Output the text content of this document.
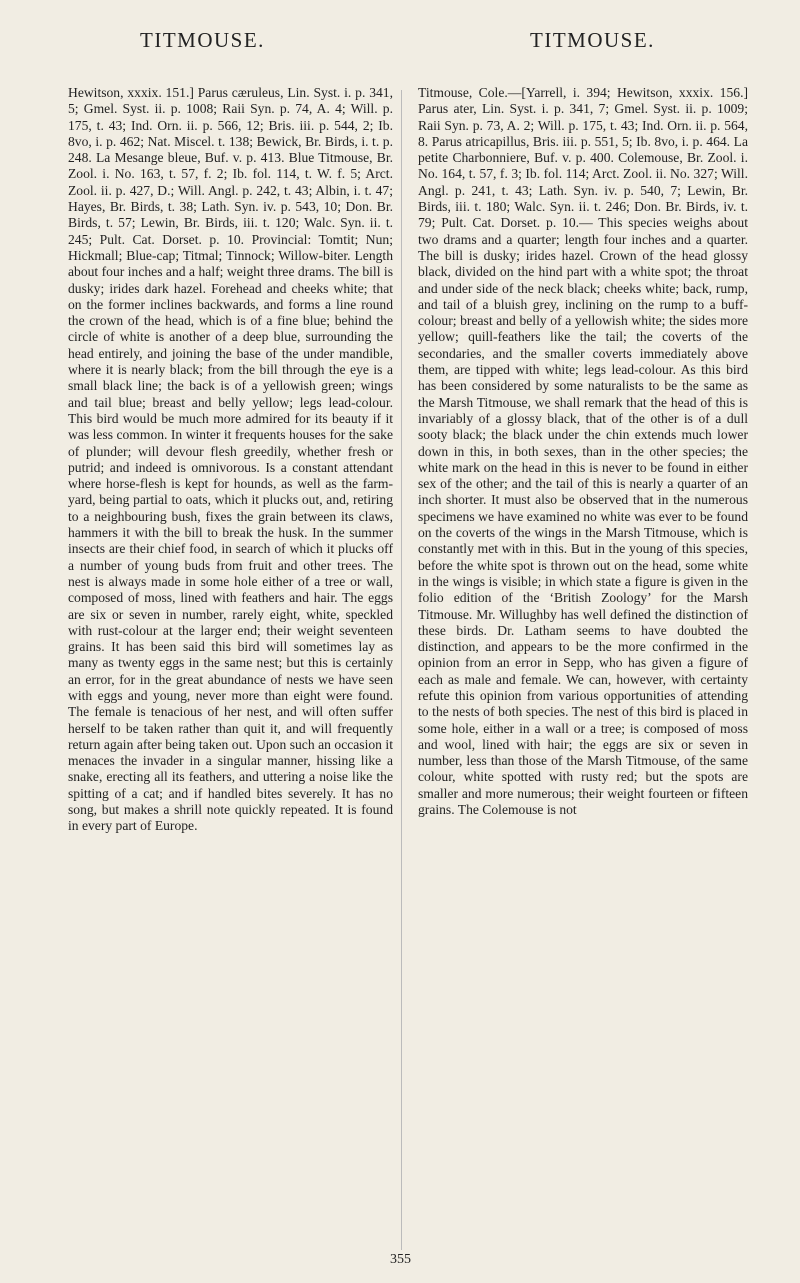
TITMOUSE.	TITMOUSE.

Hewitson, xxxix. 151.] Parus cæruleus, Lin. Syst. i. p. 341, 5; Gmel. Syst. ii. p. 1008; Raii Syn. p. 74, A. 4; Will. p. 175, t. 43; Ind. Orn. ii. p. 566, 12; Bris. iii. p. 544, 2; Ib. 8vo, i. p. 462; Nat. Miscel. t. 138; Bewick, Br. Birds, i. t. p. 248. La Mesange bleue, Buf. v. p. 413. Blue Titmouse, Br. Zool. i. No. 163, t. 57, f. 2; Ib. fol. 114, t. W. f. 5; Arct. Zool. ii. p. 427, D.; Will. Angl. p. 242, t. 43; Albin, i. t. 47; Hayes, Br. Birds, t. 38; Lath. Syn. iv. p. 543, 10; Don. Br. Birds, t. 57; Lewin, Br. Birds, iii. t. 120; Walc. Syn. ii. t. 245; Pult. Cat. Dorset. p. 10. Provincial: Tomtit; Nun; Hickmall; Blue-cap; Titmal; Tinnock; Willow-biter. Length about four inches and a half; weight three drams. The bill is dusky; irides dark hazel. Forehead and cheeks white; that on the former inclines backwards, and forms a line round the crown of the head, which is of a fine blue; behind the circle of white is another of a deep blue, surrounding the head entirely, and joining the base of the under mandible, where it is nearly black; from the bill through the eye is a small black line; the back is of a yellowish green; wings and tail blue; breast and belly yellow; legs lead-colour. This bird would be much more admired for its beauty if it was less common. In winter it frequents houses for the sake of plunder; will devour flesh greedily, whether fresh or putrid; and indeed is omnivorous. Is a constant attendant where horse-flesh is kept for hounds, as well as the farm-yard, being partial to oats, which it plucks out, and, retiring to a neighbouring bush, fixes the grain between its claws, hammers it with the bill to break the husk. In the summer insects are their chief food, in search of which it plucks off a number of young buds from fruit and other trees. The nest is always made in some hole either of a tree or wall, composed of moss, lined with feathers and hair. The eggs are six or seven in number, rarely eight, white, speckled with rust-colour at the larger end; their weight seventeen grains. It has been said this bird will sometimes lay as many as twenty eggs in the same nest; but this is certainly an error, for in the great abundance of nests we have seen with eggs and young, never more than eight were found. The female is tenacious of her nest, and will often suffer herself to be taken rather than quit it, and will frequently return again after being taken out. Upon such an occasion it menaces the invader in a singular manner, hissing like a snake, erecting all its feathers, and uttering a noise like the spitting of a cat; and if handled bites severely. It has no song, but makes a shrill note quickly repeated. It is found in every part of Europe.

Titmouse, Cole.—[Yarrell, i. 394; Hewitson, xxxix. 156.] Parus ater, Lin. Syst. i. p. 341, 7; Gmel. Syst. ii. p. 1009; Raii Syn. p. 73, A. 2; Will. p. 175, t. 43; Ind. Orn. ii. p. 564, 8. Parus atricapillus, Bris. iii. p. 551, 5; Ib. 8vo, i. p. 464. La petite Charbonniere, Buf. v. p. 400. Colemouse, Br. Zool. i. No. 164, t. 57, f. 3; Ib. fol. 114; Arct. Zool. ii. No. 327; Will. Angl. p. 241, t. 43; Lath. Syn. iv. p. 540, 7; Lewin, Br. Birds, iii. t. 180; Walc. Syn. ii. t. 246; Don. Br. Birds, iv. t. 79; Pult. Cat. Dorset. p. 10.— This species weighs about two drams and a quarter; length four inches and a quarter. The bill is dusky; irides hazel. Crown of the head glossy black, divided on the hind part with a white spot; the throat and under side of the neck black; cheeks white; back, rump, and tail of a bluish grey, inclining on the rump to a buff-colour; breast and belly of a yellowish white; the sides more yellow; quill-feathers like the tail; the coverts of the secondaries, and the smaller coverts immediately above them, are tipped with white; legs lead-colour. As this bird has been considered by some naturalists to be the same as the Marsh Titmouse, we shall remark that the head of this is invariably of a glossy black, that of the other is of a dull sooty black; the black under the chin extends much lower down in this, in both sexes, than in the other species; the white mark on the head in this is never to be found in either sex of the other; and the tail of this is nearly a quarter of an inch shorter. It must also be observed that in the numerous specimens we have examined no white was ever to be found on the coverts of the wings in the Marsh Titmouse, which is constantly met with in this. But in the young of this species, before the white spot is thrown out on the head, some white in the wings is visible; in which state a figure is given in the folio edition of the ‘British Zoology’ for the Marsh Titmouse. Mr. Willughby has well defined the distinction of these birds. Dr. Latham seems to have doubted the distinction, and appears to be the more confirmed in the opinion from an error in Sepp, who has given a figure of each as male and female. We can, however, with certainty refute this opinion from various opportunities of attending to the nests of both species. The nest of this bird is placed in some hole, either in a wall or a tree; is composed of moss and wool, lined with hair; the eggs are six or seven in number, less than those of the Marsh Titmouse, of the same colour, white spotted with rusty red; but the spots are smaller and more numerous; their weight fourteen or fifteen grains. The Colemouse is not

355
